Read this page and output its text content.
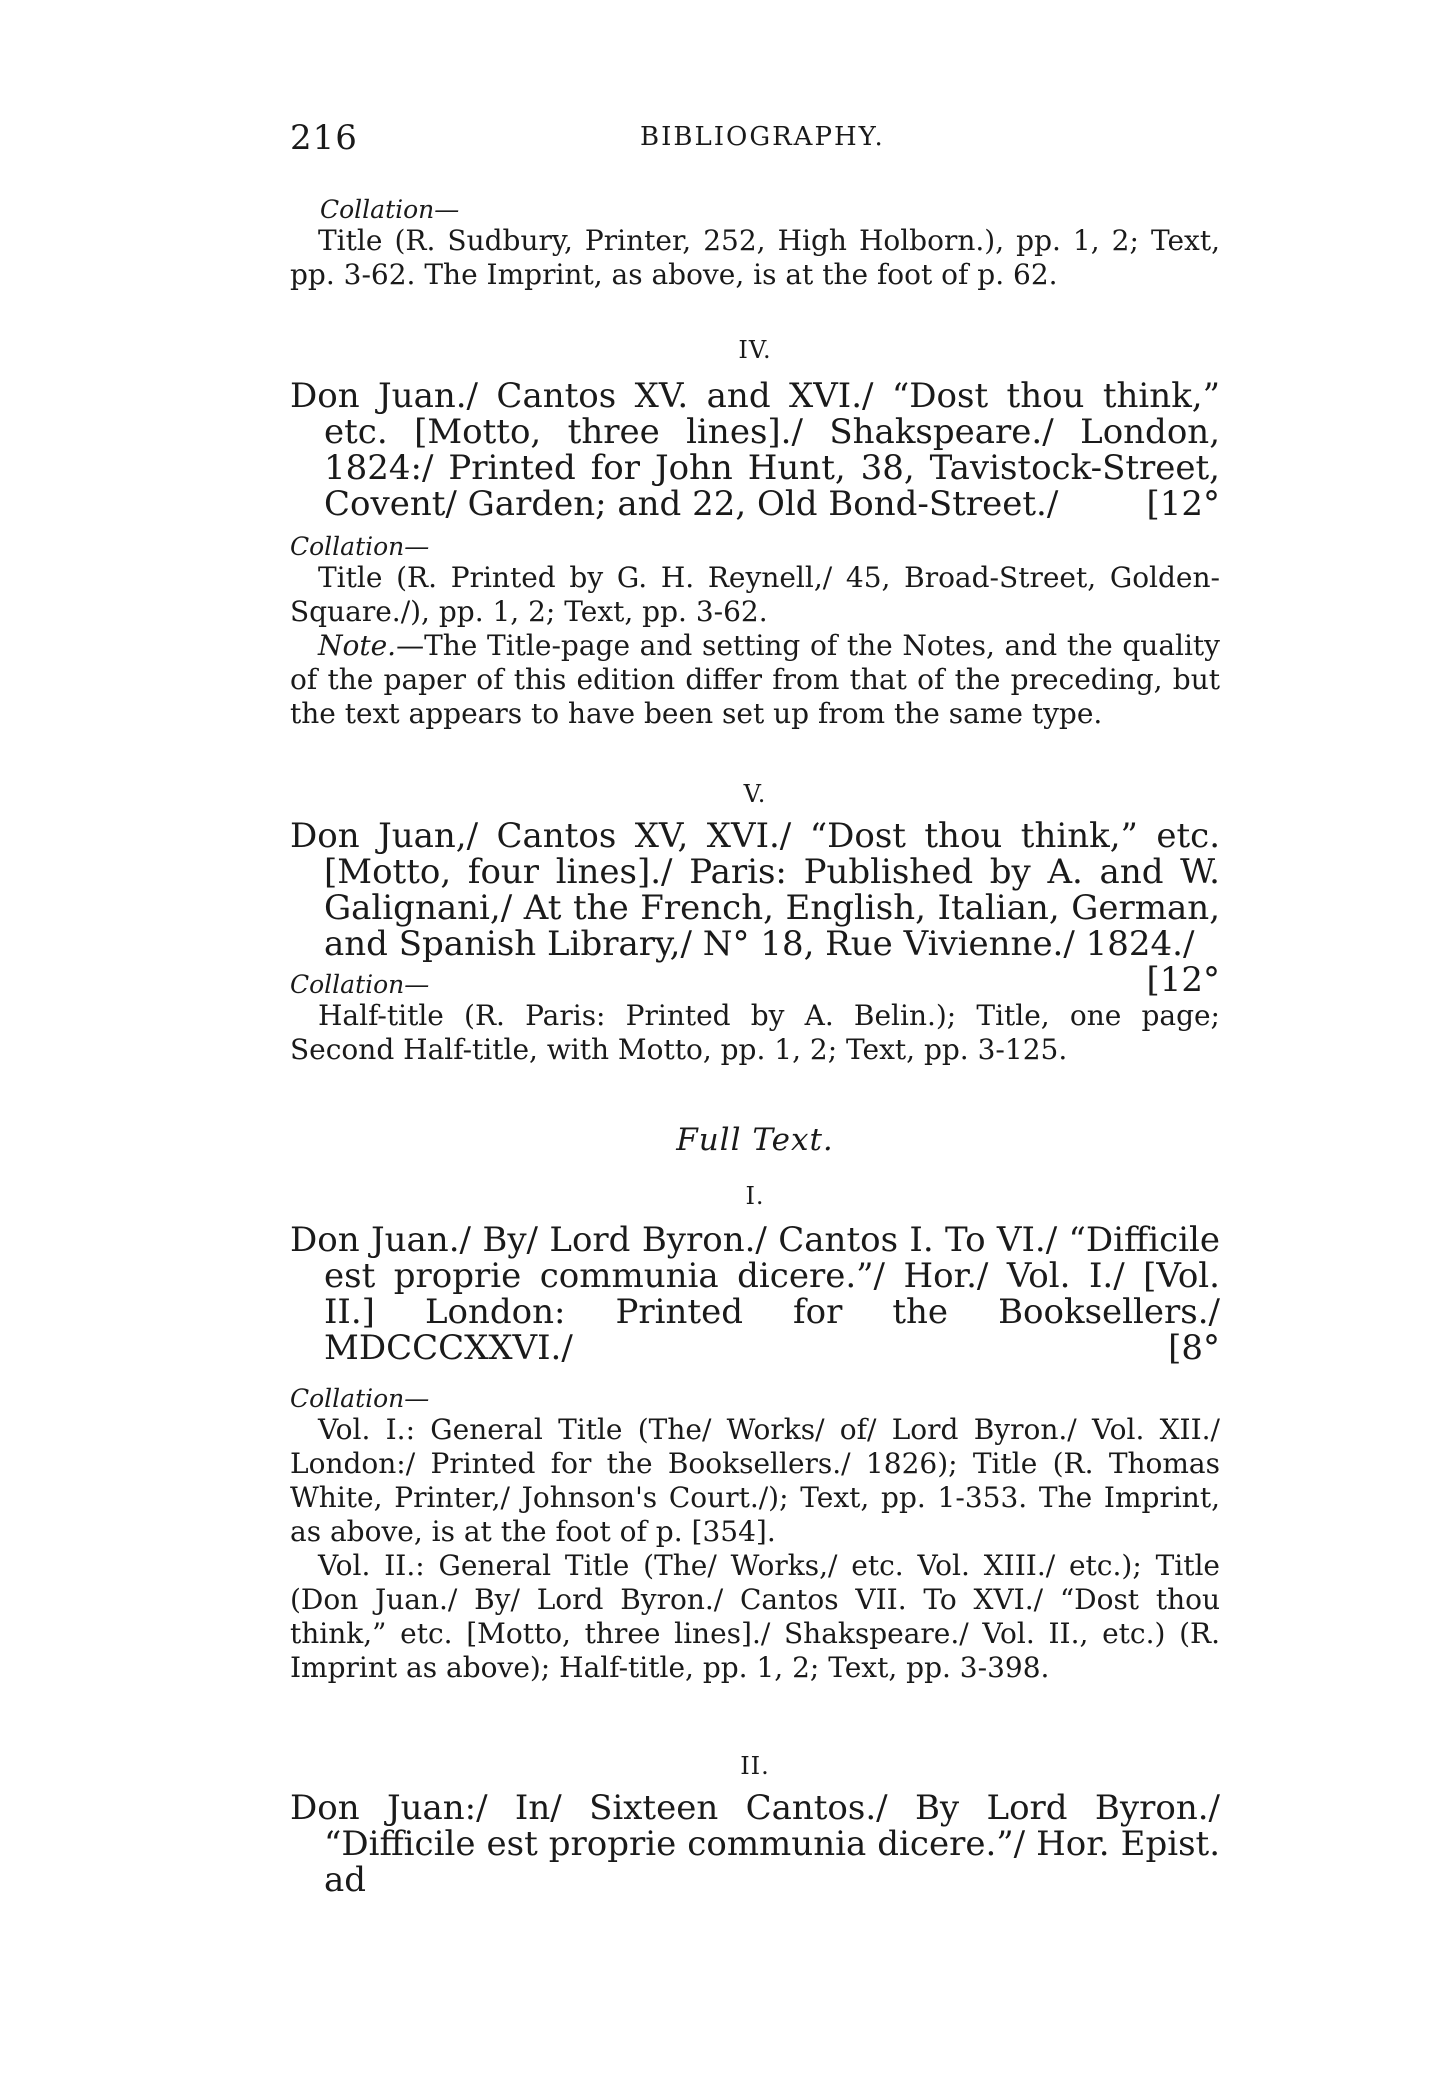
216	BIBLIOGRAPHY.

Collation—

Title (R. Sudbury, Printer, 252, High Holborn.), pp. 1, 2; Text, pp. 3-62. The Imprint, as above, is at the foot of p. 62.

IV.

Don Juan./ Cantos XV. and XVI./ “Dost thou think,” etc. [Motto, three lines]./ Shakspeare./ London, 1824:/ Printed for John Hunt, 38, Tavistock-Street, Covent/ Garden; and 22, Old Bond-Street./	[12°

Collation—

Title (R. Printed by G. H. Reynell,/ 45, Broad-Street, Golden-Square./), pp. 1, 2; Text, pp. 3-62.

Note.—The Title-page and setting of the Notes, and the quality of the paper of this edition differ from that of the preceding, but the text appears to have been set up from the same type.

V.

Don Juan,/ Cantos XV, XVI./ “Dost thou think,” etc. [Motto, four lines]./ Paris: Published by A. and W. Galignani,/ At the French, English, Italian, German, and Spanish Library,/ N° 18, Rue Vivienne./ 1824./
[12°

Collation—

Half-title (R. Paris: Printed by A. Belin.); Title, one page; Second Half-title, with Motto, pp. 1, 2; Text, pp. 3-125.

Full Text.

I.

Don Juan./ By/ Lord Byron./ Cantos I. To VI./ “Difficile est proprie communia dicere.”/ Hor./ Vol. I./ [Vol. II.] London: Printed for the Booksellers./ MDCCCXXVI./	[8°

Collation—

Vol. I.: General Title (The/ Works/ of/ Lord Byron./ Vol. XII./ London:/ Printed for the Booksellers./ 1826); Title (R. Thomas White, Printer,/ Johnson's Court./); Text, pp. 1-353. The Imprint, as above, is at the foot of p. [354].

Vol. II.: General Title (The/ Works,/ etc. Vol. XIII./ etc.); Title (Don Juan./ By/ Lord Byron./ Cantos VII. To XVI./ “Dost thou think,” etc. [Motto, three lines]./ Shakspeare./ Vol. II., etc.) (R. Imprint as above); Half-title, pp. 1, 2; Text, pp. 3-398.

II.

Don Juan:/ In/ Sixteen Cantos./ By Lord Byron./ “Difficile est proprie communia dicere.”/ Hor. Epist. ad
